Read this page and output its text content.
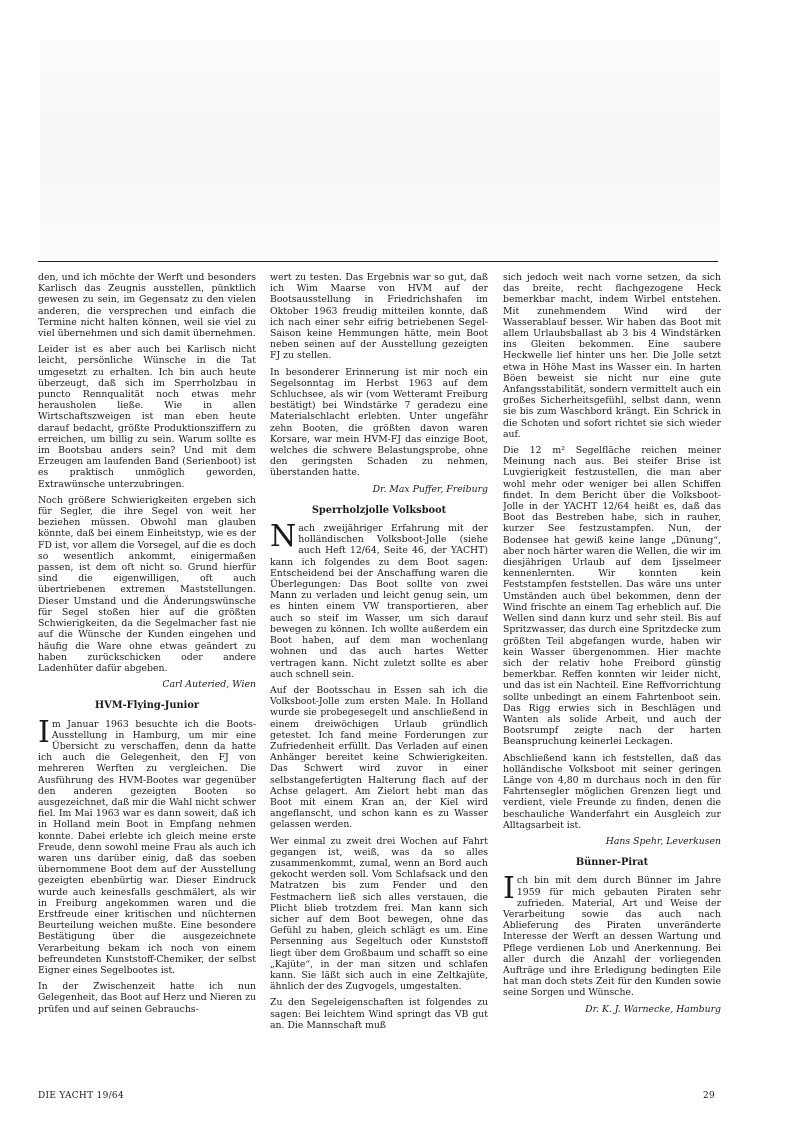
den, und ich möchte der Werft und besonders Karlisch das Zeugnis ausstellen, pünktlich gewesen zu sein, im Gegensatz zu den vielen anderen, die versprechen und einfach die Termine nicht halten können, weil sie viel zu viel übernehmen und sich damit übernehmen.

Leider ist es aber auch bei Karlisch nicht leicht, persönliche Wünsche in die Tat umgesetzt zu erhalten. Ich bin auch heute überzeugt, daß sich im Sperrholzbau in puncto Rennqualität noch etwas mehr herausholen ließe. Wie in allen Wirtschaftszweigen ist man eben heute darauf bedacht, größte Produktionsziffern zu erreichen, um billig zu sein. Warum sollte es im Bootsbau anders sein? Und mit dem Erzeugen am laufenden Band (Serienboot) ist es praktisch unmöglich geworden, Extrawünsche unterzubringen.

Noch größere Schwierigkeiten ergeben sich für Segler, die ihre Segel von weit her beziehen müssen. Obwohl man glauben könnte, daß bei einem Einheitstyp, wie es der FD ist, vor allem die Vorsegel, auf die es doch so wesentlich ankommt, einigermaßen passen, ist dem oft nicht so. Grund hierfür sind die eigenwilligen, oft auch übertriebenen extremen Maststellungen. Dieser Umstand und die Änderungswünsche für Segel stoßen hier auf die größten Schwierigkeiten, da die Segelmacher fast nie auf die Wünsche der Kunden eingehen und häufig die Ware ohne etwas geändert zu haben zurückschicken oder andere Ladenhüter dafür abgeben.

Carl Auteried, Wien

HVM-Flying-Junior

Im Januar 1963 besuchte ich die Boots-Ausstellung in Hamburg, um mir eine Übersicht zu verschaffen, denn da hatte ich auch die Gelegenheit, den FJ von mehreren Werften zu vergleichen. Die Ausführung des HVM-Bootes war gegenüber den anderen gezeigten Booten so ausgezeichnet, daß mir die Wahl nicht schwer fiel. Im Mai 1963 war es dann soweit, daß ich in Holland mein Boot in Empfang nehmen konnte. Dabei erlebte ich gleich meine erste Freude, denn sowohl meine Frau als auch ich waren uns darüber einig, daß das soeben übernommene Boot dem auf der Ausstellung gezeigten ebenbürtig war. Dieser Eindruck wurde auch keinesfalls geschmälert, als wir in Freiburg angekommen waren und die Erstfreude einer kritischen und nüchternen Beurteilung weichen mußte. Eine besondere Bestätigung über die ausgezeichnete Verarbeitung bekam ich noch von einem befreundeten Kunststoff-Chemiker, der selbst Eigner eines Segelbootes ist.

In der Zwischenzeit hatte ich nun Gelegenheit, das Boot auf Herz und Nieren zu prüfen und auf seinen Gebrauchs-

wert zu testen. Das Ergebnis war so gut, daß ich Wim Maarse von HVM auf der Bootsausstellung in Friedrichshafen im Oktober 1963 freudig mitteilen konnte, daß ich nach einer sehr eifrig betriebenen Segel-Saison keine Hemmungen hätte, mein Boot neben seinen auf der Ausstellung gezeigten FJ zu stellen.

In besonderer Erinnerung ist mir noch ein Segelsonntag im Herbst 1963 auf dem Schluchsee, als wir (vom Wetteramt Freiburg bestätigt) bei Windstärke 7 geradezu eine Materialschlacht erlebten. Unter ungefähr zehn Booten, die größten davon waren Korsare, war mein HVM-FJ das einzige Boot, welches die schwere Belastungsprobe, ohne den geringsten Schaden zu nehmen, überstanden hatte.

Dr. Max Puffer, Freiburg

Sperrholzjolle Volksboot

Nach zweijähriger Erfahrung mit der holländischen Volksboot-Jolle (siehe auch Heft 12/64, Seite 46, der YACHT) kann ich folgendes zu dem Boot sagen: Entscheidend bei der Anschaffung waren die Überlegungen: Das Boot sollte von zwei Mann zu verladen und leicht genug sein, um es hinten einem VW transportieren, aber auch so steif im Wasser, um sich darauf bewegen zu können. Ich wollte außerdem ein Boot haben, auf dem man wochenlang wohnen und das auch hartes Wetter vertragen kann. Nicht zuletzt sollte es aber auch schnell sein.

Auf der Bootsschau in Essen sah ich die Volksboot-Jolle zum ersten Male. In Holland wurde sie probegesegelt und anschließend in einem dreiwöchigen Urlaub gründlich getestet. Ich fand meine Forderungen zur Zufriedenheit erfüllt. Das Verladen auf einen Anhänger bereitet keine Schwierigkeiten. Das Schwert wird zuvor in einer selbstangefertigten Halterung flach auf der Achse gelagert. Am Zielort hebt man das Boot mit einem Kran an, der Kiel wird angeflanscht, und schon kann es zu Wasser gelassen werden.

Wer einmal zu zweit drei Wochen auf Fahrt gegangen ist, weiß, was da so alles zusammenkommt, zumal, wenn an Bord auch gekocht werden soll. Vom Schlafsack und den Matratzen bis zum Fender und den Festmachern ließ sich alles verstauen, die Plicht blieb trotzdem frei. Man kann sich sicher auf dem Boot bewegen, ohne das Gefühl zu haben, gleich schlägt es um. Eine Persenning aus Segeltuch oder Kunststoff liegt über dem Großbaum und schafft so eine „Kajüte“, in der man sitzen und schlafen kann. Sie läßt sich auch in eine Zeltkajüte, ähnlich der des Zugvogels, umgestalten.

Zu den Segeleigenschaften ist folgendes zu sagen: Bei leichtem Wind springt das VB gut an. Die Mannschaft muß

sich jedoch weit nach vorne setzen, da sich das breite, recht flachgezogene Heck bemerkbar macht, indem Wirbel entstehen. Mit zunehmendem Wind wird der Wasserablauf besser. Wir haben das Boot mit allem Urlaubsballast ab 3 bis 4 Windstärken ins Gleiten bekommen. Eine saubere Heckwelle lief hinter uns her. Die Jolle setzt etwa in Höhe Mast ins Wasser ein. In harten Böen beweist sie nicht nur eine gute Anfangsstabilität, sondern vermittelt auch ein großes Sicherheitsgefühl, selbst dann, wenn sie bis zum Waschbord krängt. Ein Schrick in die Schoten und sofort richtet sie sich wieder auf.

Die 12 m² Segelfläche reichen meiner Meinung nach aus. Bei steifer Brise ist Luvgierigkeit festzustellen, die man aber wohl mehr oder weniger bei allen Schiffen findet. In dem Bericht über die Volksboot-Jolle in der YACHT 12/64 heißt es, daß das Boot das Bestreben habe, sich in rauher, kurzer See festzustampfen. Nun, der Bodensee hat gewiß keine lange „Dünung“, aber noch härter waren die Wellen, die wir im diesjährigen Urlaub auf dem Ijsselmeer kennenlernten. Wir konnten kein Feststampfen feststellen. Das wäre uns unter Umständen auch übel bekommen, denn der Wind frischte an einem Tag erheblich auf. Die Wellen sind dann kurz und sehr steil. Bis auf Spritzwasser, das durch eine Spritzdecke zum größten Teil abgefangen wurde, haben wir kein Wasser übergenommen. Hier machte sich der relativ hohe Freibord günstig bemerkbar. Reffen konnten wir leider nicht, und das ist ein Nachteil. Eine Reffvorrichtung sollte unbedingt an einem Fahrtenboot sein. Das Rigg erwies sich in Beschlägen und Wanten als solide Arbeit, und auch der Bootsrumpf zeigte nach der harten Beanspruchung keinerlei Leckagen.

Abschließend kann ich feststellen, daß das holländische Volksboot mit seiner geringen Länge von 4,80 m durchaus noch in den für Fahrtensegler möglichen Grenzen liegt und verdient, viele Freunde zu finden, denen die beschauliche Wanderfahrt ein Ausgleich zur Alltagsarbeit ist.

Hans Spehr, Leverkusen

Bünner-Pirat

Ich bin mit dem durch Bünner im Jahre 1959 für mich gebauten Piraten sehr zufrieden. Material, Art und Weise der Verarbeitung sowie das auch nach Ablieferung des Piraten unveränderte Interesse der Werft an dessen Wartung und Pflege verdienen Lob und Anerkennung. Bei aller durch die Anzahl der vorliegenden Aufträge und ihre Erledigung bedingten Eile hat man doch stets Zeit für den Kunden sowie seine Sorgen und Wünsche.

Dr. K. J. Warnecke, Hamburg

DIE YACHT 19/64	29
